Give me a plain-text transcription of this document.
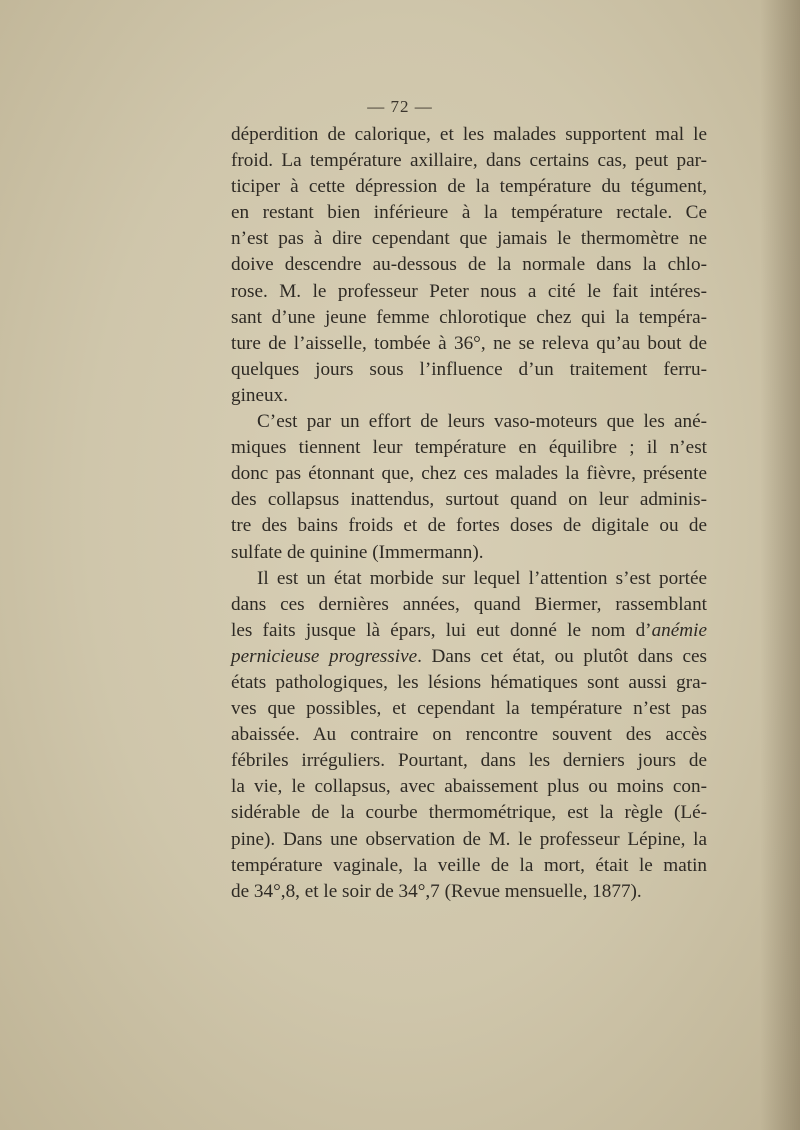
— 72 —
déperdition de calorique, et les malades supportent mal le
froid. La température axillaire, dans certains cas, peut par-
ticiper à cette dépression de la température du tégument,
en restant bien inférieure à la température rectale. Ce
n’est pas à dire cependant que jamais le thermomètre ne
doive descendre au-dessous de la normale dans la chlo-
rose. M. le professeur Peter nous a cité le fait intéres-
sant d’une jeune femme chlorotique chez qui la tempéra-
ture de l’aisselle, tombée à 36°, ne se releva qu’au bout de
quelques jours sous l’influence d’un traitement ferru-
gineux.
C’est par un effort de leurs vaso-moteurs que les ané-
miques tiennent leur température en équilibre ; il n’est
donc pas étonnant que, chez ces malades la fièvre, présente
des collapsus inattendus, surtout quand on leur adminis-
tre des bains froids et de fortes doses de digitale ou de
sulfate de quinine (Immermann).
Il est un état morbide sur lequel l’attention s’est portée
dans ces dernières années, quand Biermer, rassemblant
les faits jusque là épars, lui eut donné le nom d’anémie
pernicieuse progressive. Dans cet état, ou plutôt dans ces
états pathologiques, les lésions hématiques sont aussi gra-
ves que possibles, et cependant la température n’est pas
abaissée. Au contraire on rencontre souvent des accès
fébriles irréguliers. Pourtant, dans les derniers jours de
la vie, le collapsus, avec abaissement plus ou moins con-
sidérable de la courbe thermométrique, est la règle (Lé-
pine). Dans une observation de M. le professeur Lépine, la
température vaginale, la veille de la mort, était le matin
de 34°,8, et le soir de 34°,7 (Revue mensuelle, 1877).
